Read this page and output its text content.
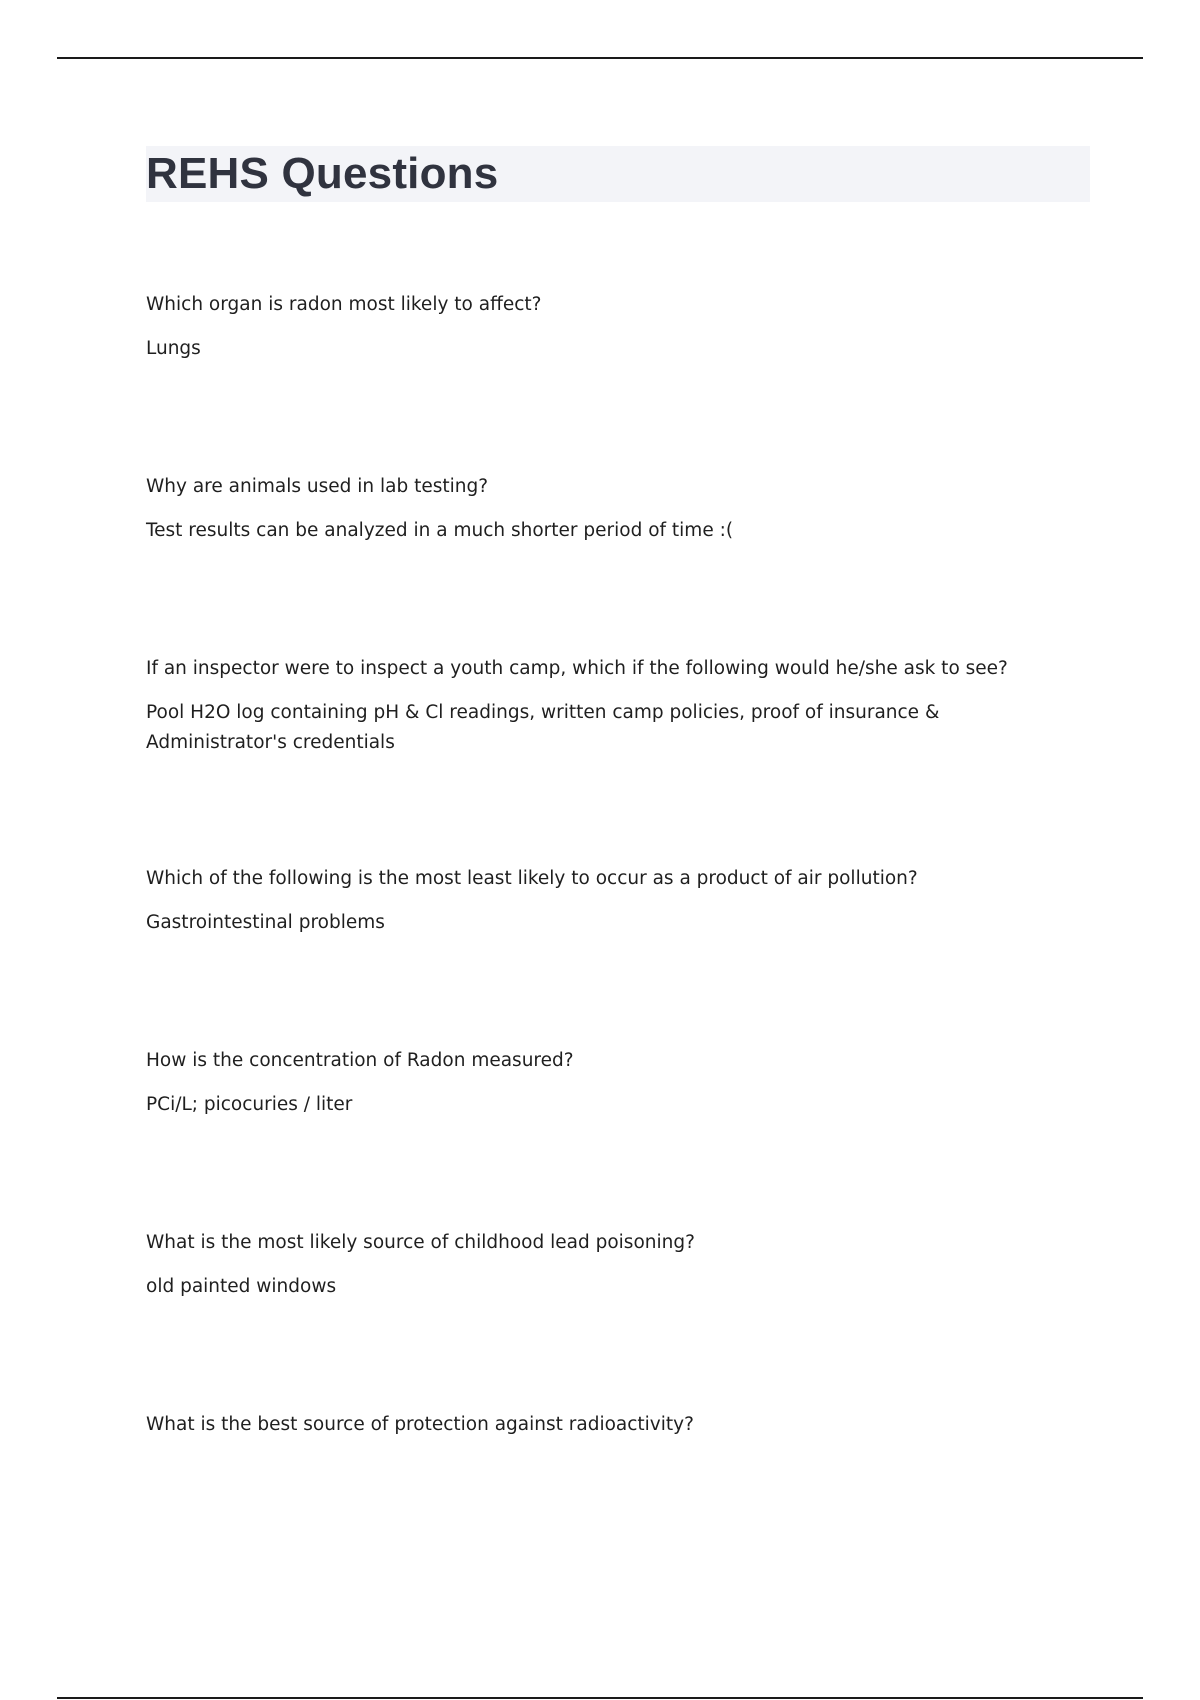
REHS Questions

Which organ is radon most likely to affect?

Lungs

Why are animals used in lab testing?

Test results can be analyzed in a much shorter period of time :(

If an inspector were to inspect a youth camp, which if the following would he/she ask to see?

Pool H2O log containing pH & Cl readings, written camp policies, proof of insurance & Administrator's credentials

Which of the following is the most least likely to occur as a product of air pollution?

Gastrointestinal problems

How is the concentration of Radon measured?

PCi/L; picocuries / liter

What is the most likely source of childhood lead poisoning?

old painted windows

What is the best source of protection against radioactivity?
